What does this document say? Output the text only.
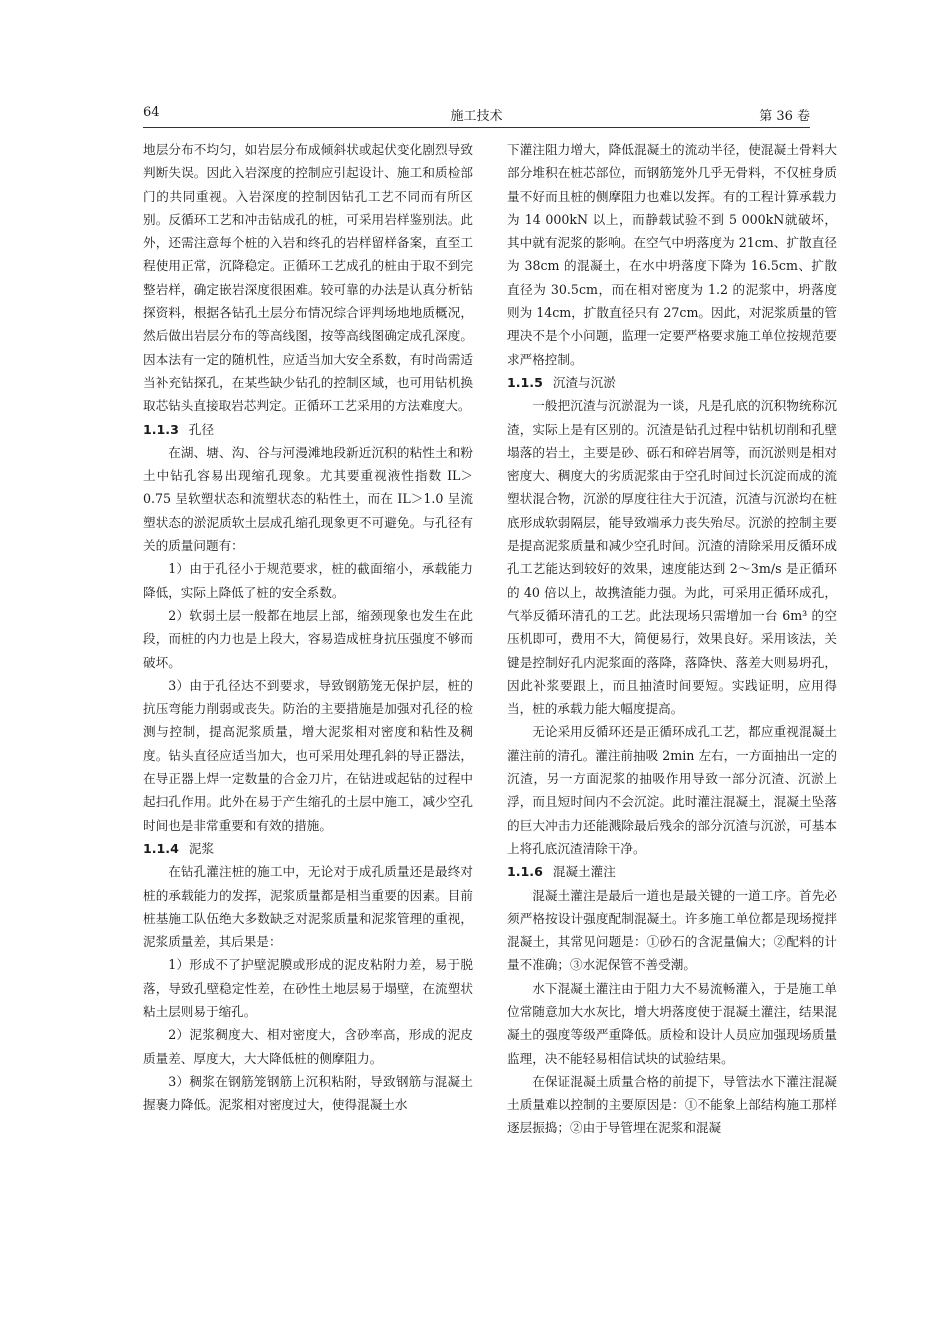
64	施工技术	第 36 卷

地层分布不均匀，如岩层分布成倾斜状或起伏变化剧烈导致判断失误。因此入岩深度的控制应引起设计、施工和质检部门的共同重视。入岩深度的控制因钻孔工艺不同而有所区别。反循环工艺和冲击钻成孔的桩，可采用岩样鉴别法。此外，还需注意每个桩的入岩和终孔的岩样留样备案，直至工程使用正常，沉降稳定。正循环工艺成孔的桩由于取不到完整岩样，确定嵌岩深度很困难。较可靠的办法是认真分析钻探资料，根据各钻孔土层分布情况综合评判场地地质概况，然后做出岩层分布的等高线图，按等高线图确定成孔深度。因本法有一定的随机性，应适当加大安全系数，有时尚需适当补充钻探孔，在某些缺少钻孔的控制区域，也可用钻机换取芯钻头直接取岩芯判定。正循环工艺采用的方法难度大。

1.1.3 孔径

在湖、塘、沟、谷与河漫滩地段新近沉积的粘性土和粉土中钻孔容易出现缩孔现象。尤其要重视液性指数 IL＞0.75 呈软塑状态和流塑状态的粘性土，而在 IL＞1.0 呈流塑状态的淤泥质软土层成孔缩孔现象更不可避免。与孔径有关的质量问题有：

1）由于孔径小于规范要求，桩的截面缩小，承载能力降低，实际上降低了桩的安全系数。

2）软弱土层一般都在地层上部，缩颈现象也发生在此段，而桩的内力也是上段大，容易造成桩身抗压强度不够而破坏。

3）由于孔径达不到要求，导致钢筋笼无保护层，桩的抗压弯能力削弱或丧失。防治的主要措施是加强对孔径的检测与控制，提高泥浆质量，增大泥浆相对密度和粘性及稠度。钻头直径应适当加大，也可采用处理孔斜的导正器法，在导正器上焊一定数量的合金刀片，在钻进或起钻的过程中起扫孔作用。此外在易于产生缩孔的土层中施工，减少空孔时间也是非常重要和有效的措施。

1.1.4 泥浆

在钻孔灌注桩的施工中，无论对于成孔质量还是最终对桩的承载能力的发挥，泥浆质量都是相当重要的因素。目前桩基施工队伍绝大多数缺乏对泥浆质量和泥浆管理的重视，泥浆质量差，其后果是：

1）形成不了护壁泥膜或形成的泥皮粘附力差，易于脱落，导致孔壁稳定性差，在砂性土地层易于塌壁，在流塑状粘土层则易于缩孔。

2）泥浆稠度大、相对密度大，含砂率高，形成的泥皮质量差、厚度大，大大降低桩的侧摩阻力。

3）稠浆在钢筋笼钢筋上沉积粘附，导致钢筋与混凝土握裹力降低。泥浆相对密度过大，使得混凝土水

下灌注阻力增大，降低混凝土的流动半径，使混凝土骨料大部分堆积在桩芯部位，而钢筋笼外几乎无骨料，不仅桩身质量不好而且桩的侧摩阻力也难以发挥。有的工程计算承载力为 14 000kN 以上，而静载试验不到 5 000kN就破坏，其中就有泥浆的影响。在空气中坍落度为 21cm、扩散直径为 38cm 的混凝土，在水中坍落度下降为 16.5cm、扩散直径为 30.5cm，而在相对密度为 1.2 的泥浆中，坍落度则为 14cm，扩散直径只有 27cm。因此，对泥浆质量的管理决不是个小问题，监理一定要严格要求施工单位按规范要求严格控制。

1.1.5 沉渣与沉淤

一般把沉渣与沉淤混为一谈，凡是孔底的沉积物统称沉渣，实际上是有区别的。沉渣是钻孔过程中钻机切削和孔壁塌落的岩土，主要是砂、砾石和碎岩屑等，而沉淤则是相对密度大、稠度大的劣质泥浆由于空孔时间过长沉淀而成的流塑状混合物，沉淤的厚度往往大于沉渣，沉渣与沉淤均在桩底形成软弱隔层，能导致端承力丧失殆尽。沉淤的控制主要是提高泥浆质量和减少空孔时间。沉渣的清除采用反循环成孔工艺能达到较好的效果，速度能达到 2～3m/s 是正循环的 40 倍以上，故携渣能力强。为此，可采用正循环成孔，气举反循环清孔的工艺。此法现场只需增加一台 6m³ 的空压机即可，费用不大，简便易行，效果良好。采用该法，关键是控制好孔内泥浆面的落降，落降快、落差大则易坍孔，因此补浆要跟上，而且抽渣时间要短。实践证明，应用得当，桩的承载力能大幅度提高。

无论采用反循环还是正循环成孔工艺，都应重视混凝土灌注前的清孔。灌注前抽吸 2min 左右，一方面抽出一定的沉渣，另一方面泥浆的抽吸作用导致一部分沉渣、沉淤上浮，而且短时间内不会沉淀。此时灌注混凝土，混凝土坠落的巨大冲击力还能溅除最后残余的部分沉渣与沉淤，可基本上将孔底沉渣清除干净。

1.1.6 混凝土灌注

混凝土灌注是最后一道也是最关键的一道工序。首先必须严格按设计强度配制混凝土。许多施工单位都是现场搅拌混凝土，其常见问题是：①砂石的含泥量偏大；②配料的计量不准确；③水泥保管不善受潮。

水下混凝土灌注由于阻力大不易流畅灌入，于是施工单位常随意加大水灰比，增大坍落度使于混凝土灌注，结果混凝土的强度等级严重降低。质检和设计人员应加强现场质量监理，决不能轻易相信试块的试验结果。

在保证混凝土质量合格的前提下，导管法水下灌注混凝土质量难以控制的主要原因是：①不能象上部结构施工那样逐层振捣；②由于导管埋在泥浆和混凝
